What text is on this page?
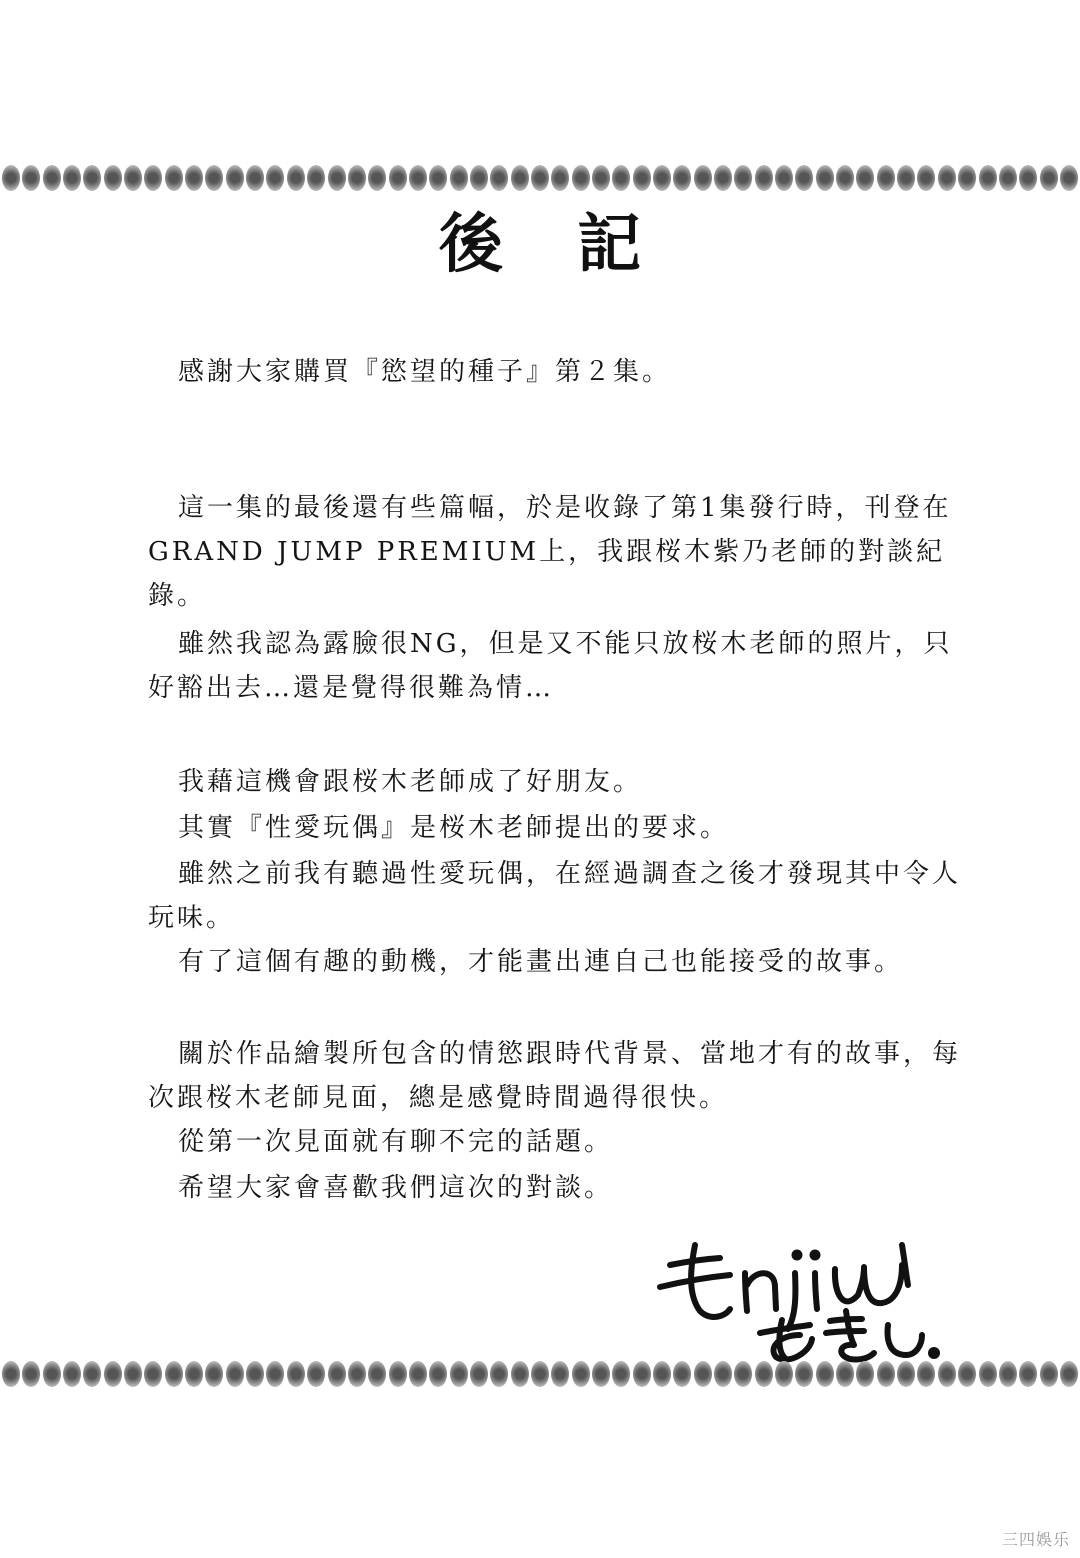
後 記

感謝大家購買『慾望的種子』第２集。

這一集的最後還有些篇幅，於是收錄了第1集發行時，刊登在GRAND JUMP PREMIUM上，我跟桜木紫乃老師的對談紀錄。

雖然我認為露臉很NG，但是又不能只放桜木老師的照片，只好豁出去…還是覺得很難為情…

我藉這機會跟桜木老師成了好朋友。

其實『性愛玩偶』是桜木老師提出的要求。

雖然之前我有聽過性愛玩偶，在經過調查之後才發現其中令人玩味。

有了這個有趣的動機，才能畫出連自己也能接受的故事。

關於作品繪製所包含的情慾跟時代背景、當地才有的故事，每次跟桜木老師見面，總是感覺時間過得很快。

從第一次見面就有聊不完的話題。

希望大家會喜歡我們這次的對談。

Enjiu あきこ
三四娛乐
